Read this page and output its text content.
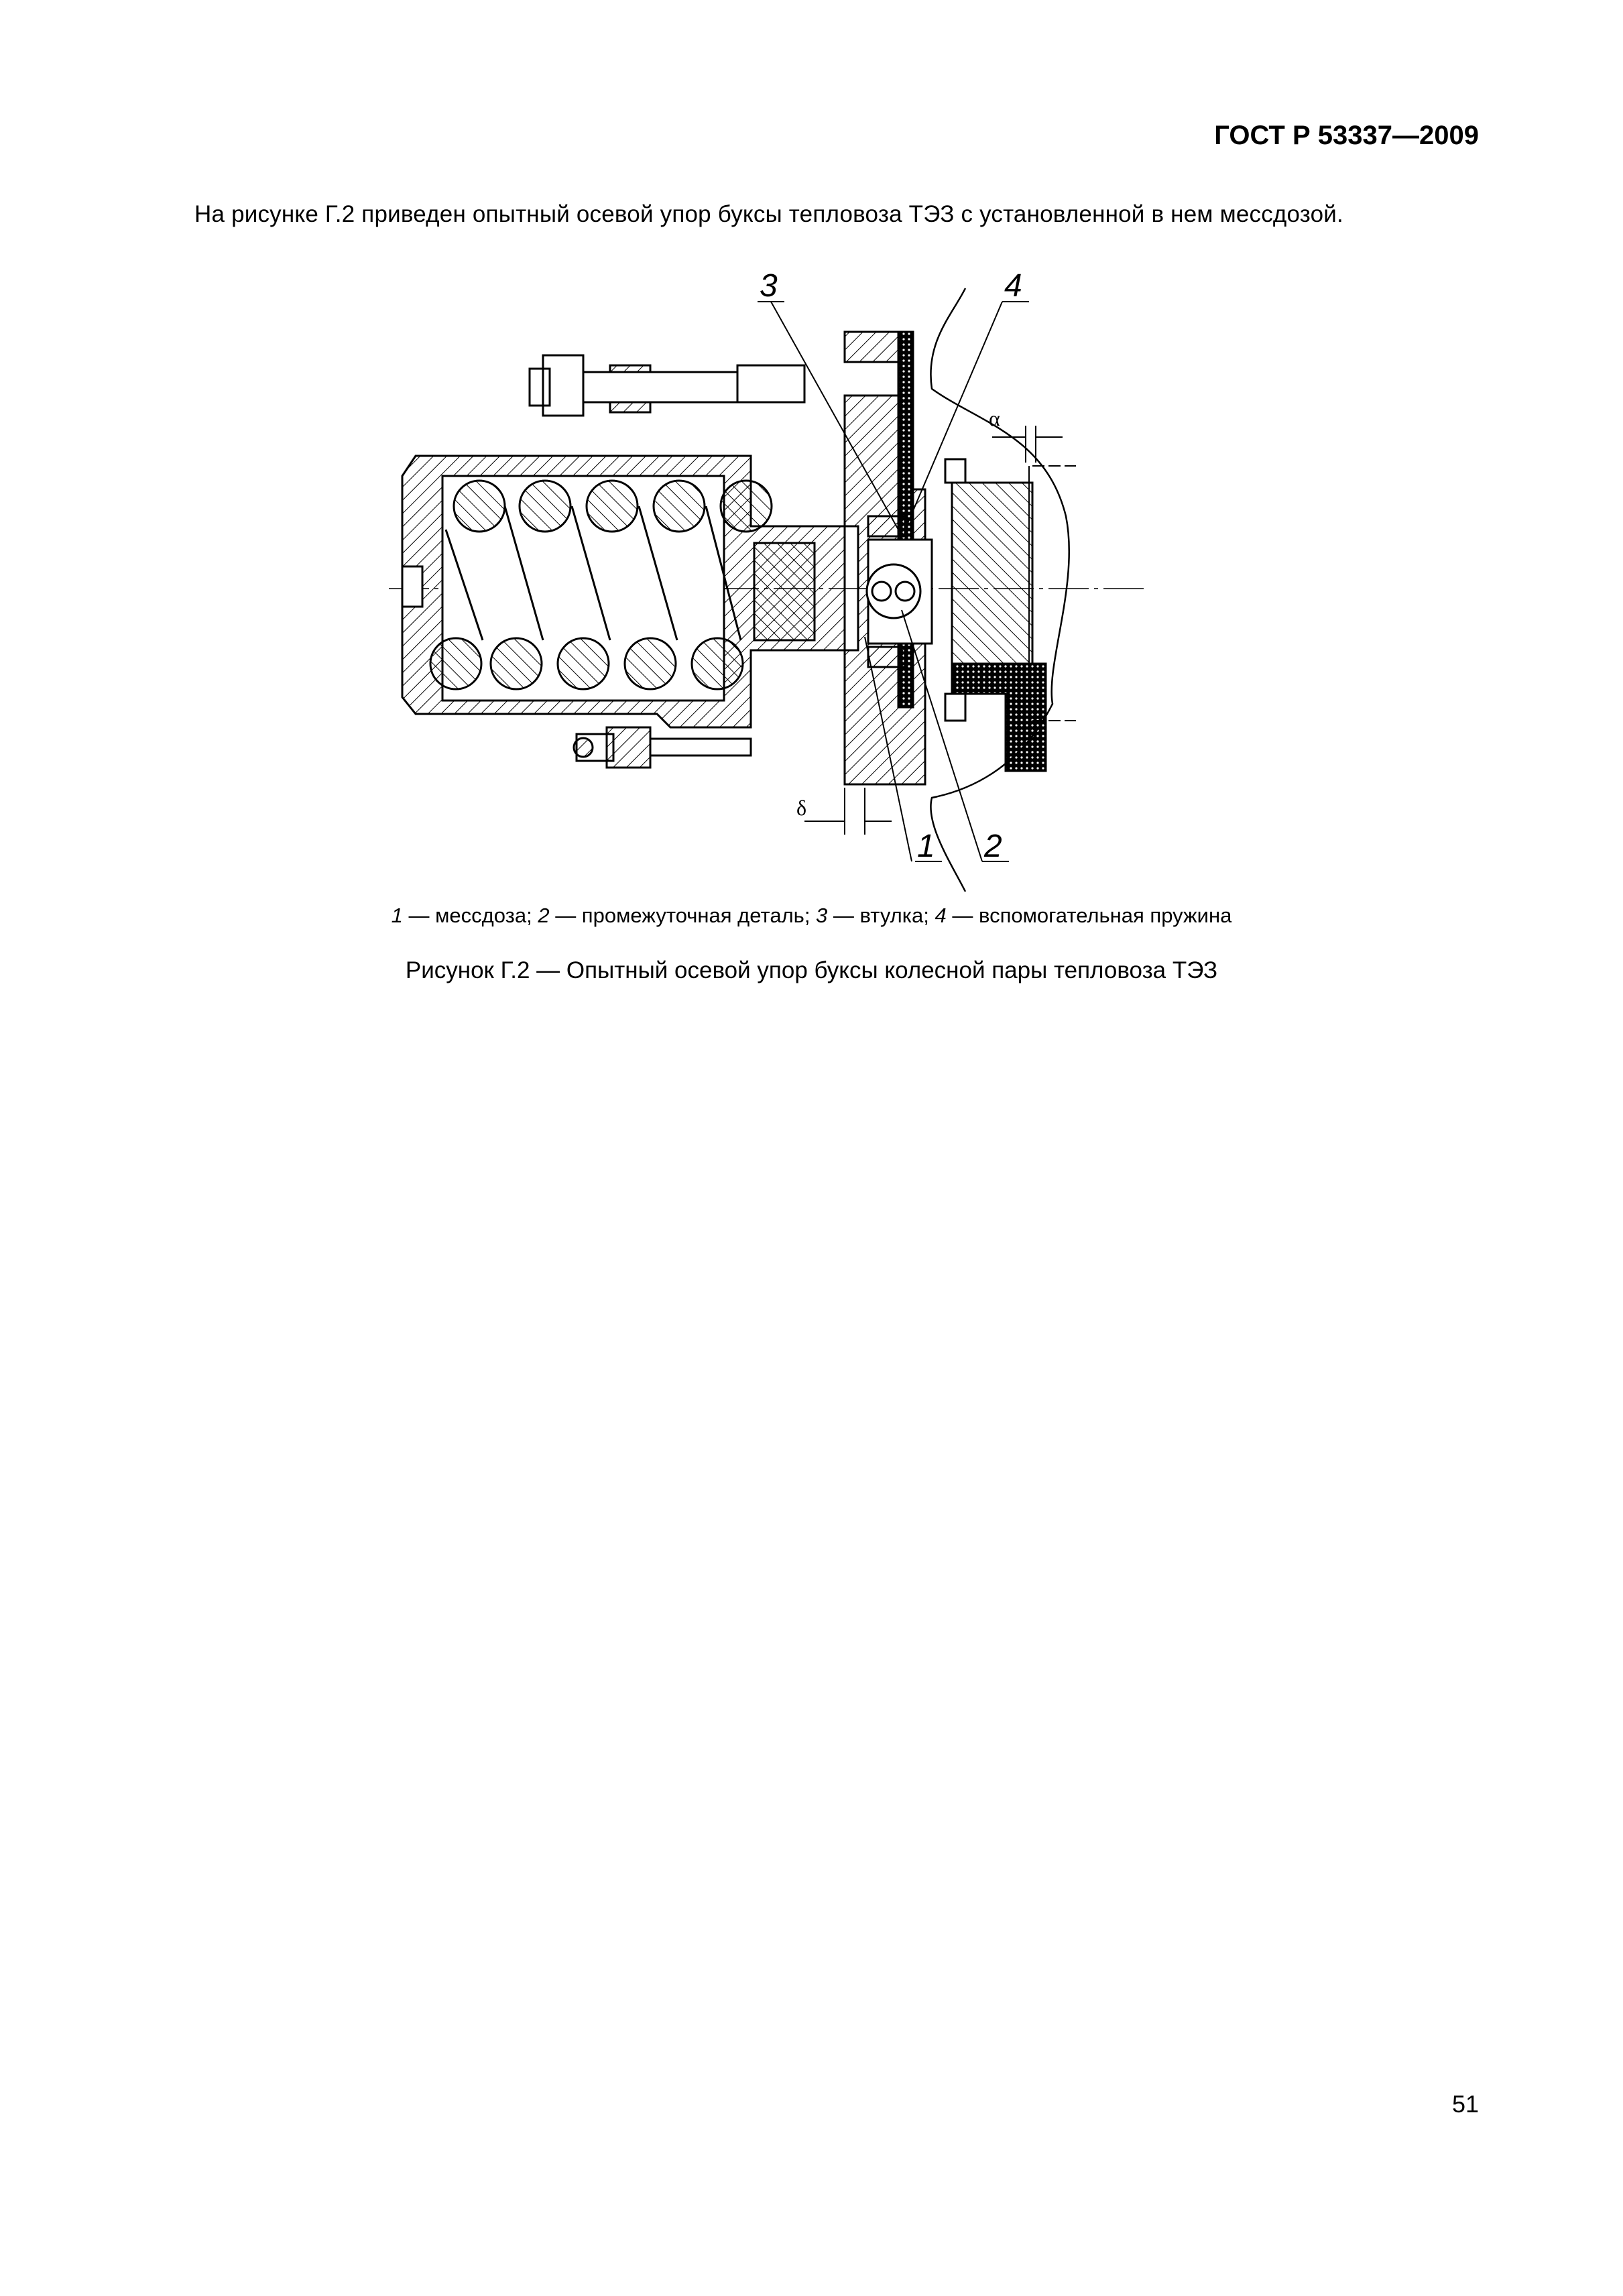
ГОСТ Р 53337—2009
На рисунке Г.2 приведен опытный осевой упор буксы тепловоза ТЭЗ с установленной в нем мессдозой.
3	4
1 2
α
δ
1 — мессдоза; 2 — промежуточная деталь; 3 — втулка; 4 — вспомогательная пружина
Рисунок Г.2 — Опытный осевой упор буксы колесной пары тепловоза ТЭЗ
51
